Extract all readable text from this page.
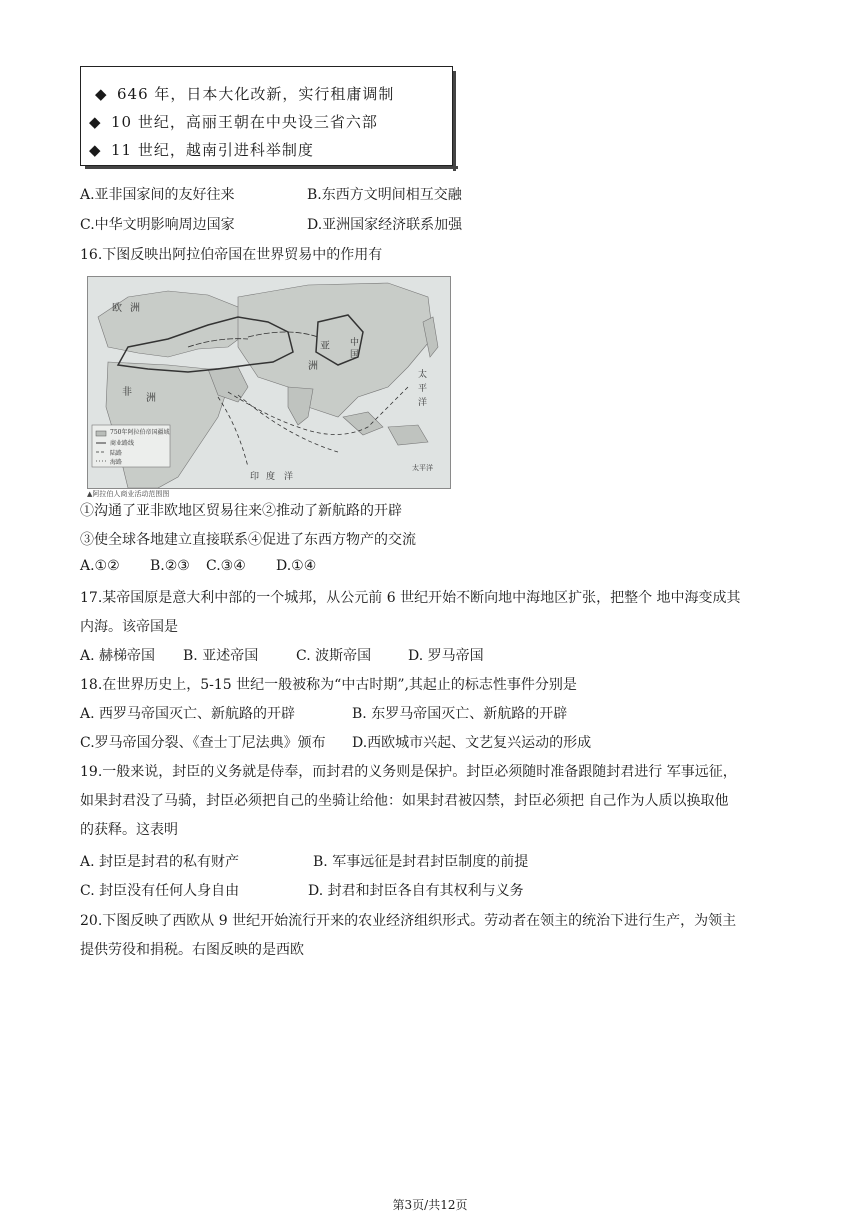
◆ 646 年，日本大化改新，实行租庸调制
◆ 10 世纪，高丽王朝在中央设三省六部
◆ 11 世纪，越南引进科举制度
A.亚非国家间的友好往来	B.东西方文明间相互交融
C.中华文明影响周边国家	D.亚洲国家经济联系加强
16.下图反映出阿拉伯帝国在世界贸易中的作用有
750年阿拉伯帝国疆域
商业路线
陆路
海路
欧 洲
非
洲
亚
洲
印 度 洋
太
平
洋
中
国
太平洋
▲阿拉伯人商业活动范围图
①沟通了亚非欧地区贸易往来②推动了新航路的开辟
③使全球各地建立直接联系④促进了东西方物产的交流
A.①② B.②③ C.③④ D.①④
17.某帝国原是意大利中部的一个城邦，从公元前 6 世纪开始不断向地中海地区扩张，把整个 地中海变成其
内海。该帝国是
A. 赫梯帝国 B. 亚述帝国	C. 波斯帝国	D. 罗马帝国
18.在世界历史上，5-15 世纪一般被称为“中古时期”,其起止的标志性事件分别是
A. 西罗马帝国灭亡、新航路的开辟	B. 东罗马帝国灭亡、新航路的开辟
C.罗马帝国分裂、《查士丁尼法典》颁布 D.西欧城市兴起、文艺复兴运动的形成
19.一般来说，封臣的义务就是侍奉，而封君的义务则是保护。封臣必须随时准备跟随封君进行 军事远征，
如果封君没了马骑，封臣必须把自己的坐骑让给他：如果封君被囚禁，封臣必须把 自己作为人质以换取他
的获释。这表明
A. 封臣是封君的私有财产	B. 军事远征是封君封臣制度的前提
C. 封臣没有任何人身自由	D. 封君和封臣各自有其权利与义务
20.下图反映了西欧从 9 世纪开始流行开来的农业经济组织形式。劳动者在领主的统治下进行生产，为领主
提供劳役和捐税。右图反映的是西欧
第3页/共12页
